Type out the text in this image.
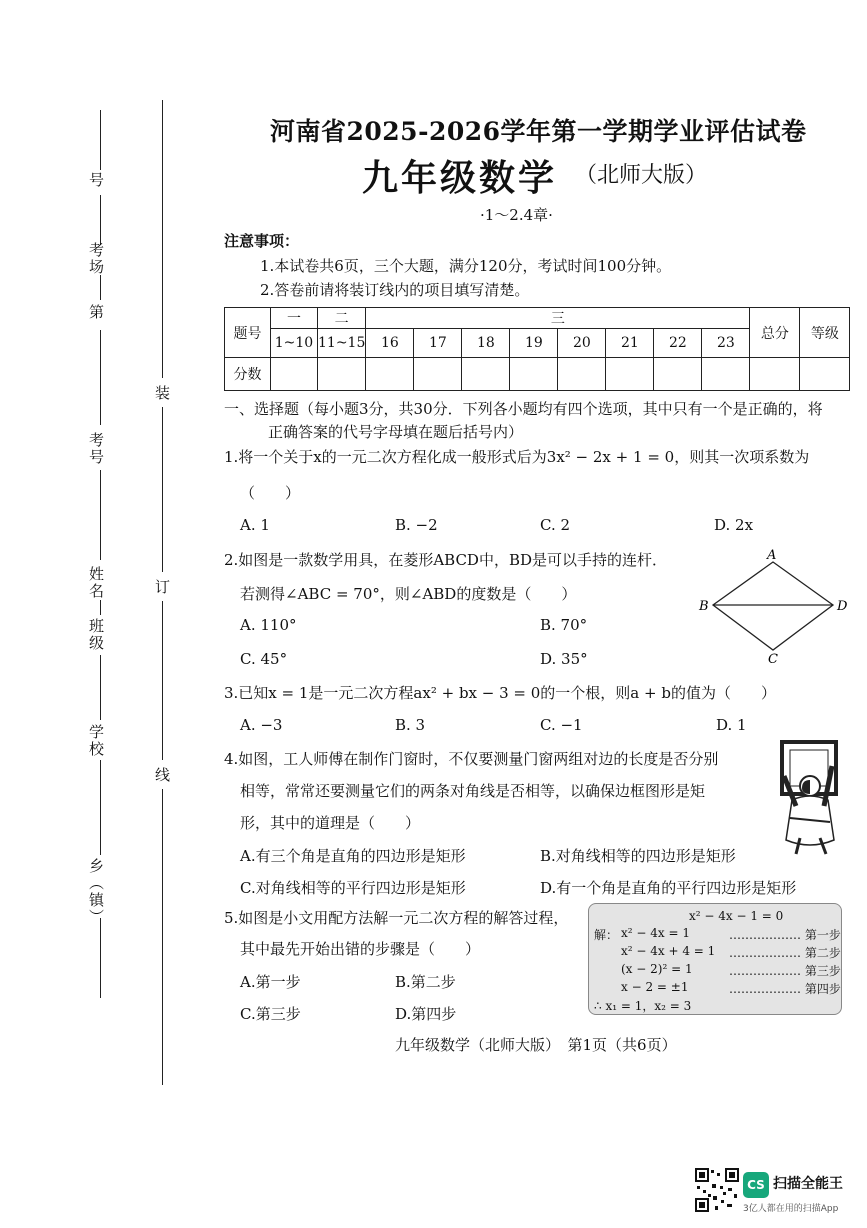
装
订
线
号
考场
第
考号
姓名
班级
学校
乡（镇）
河南省2025-2026学年第一学期学业评估试卷
九年级数学 （北师大版）
·1～2.4章·
注意事项：
1.本试卷共6页，三个大题，满分120分，考试时间100分钟。
2.答卷前请将装订线内的项目填写清楚。
题号	一	二	三								总分	等级
	1~10	11~15	16	17	18	19	20	21	22	23		
分数												
一、选择题（每小题3分，共30分．下列各小题均有四个选项，其中只有一个是正确的，将
正确答案的代号字母填在题后括号内）
1.将一个关于x的一元二次方程化成一般形式后为3x² − 2x + 1 = 0，则其一次项系数为
（　　）
A. 1	B. −2	C. 2	D. 2x
2.如图是一款数学用具，在菱形ABCD中，BD是可以手持的连杆．
若测得∠ABC = 70°，则∠ABD的度数是（　　）
A. 110°	B. 70°
C. 45°	D. 35°
A
B
C
D
3.已知x = 1是一元二次方程ax² + bx − 3 = 0的一个根，则a + b的值为（　　）
A. −3	B. 3	C. −1	D. 1
4.如图，工人师傅在制作门窗时，不仅要测量门窗两组对边的长度是否分别
相等，常常还要测量它们的两条对角线是否相等，以确保边框图形是矩
形，其中的道理是（　　）
A.有三个角是直角的四边形是矩形	B.对角线相等的四边形是矩形
C.对角线相等的平行四边形是矩形	D.有一个角是直角的平行四边形是矩形
5.如图是小文用配方法解一元二次方程的解答过程，
其中最先开始出错的步骤是（　　）
A.第一步	B.第二步
C.第三步	D.第四步
x² − 4x − 1 = 0
解： x² − 4x = 1	……………… 第一步
x² − 4x + 4 = 1 ……………… 第二步
(x − 2)² = 1	……………… 第三步
x − 2 = ±1	……………… 第四步
∴ x₁ = 1，x₂ = 3
九年级数学（北师大版）　第1页（共6页）
CS 扫描全能王
3亿人都在用的扫描App
